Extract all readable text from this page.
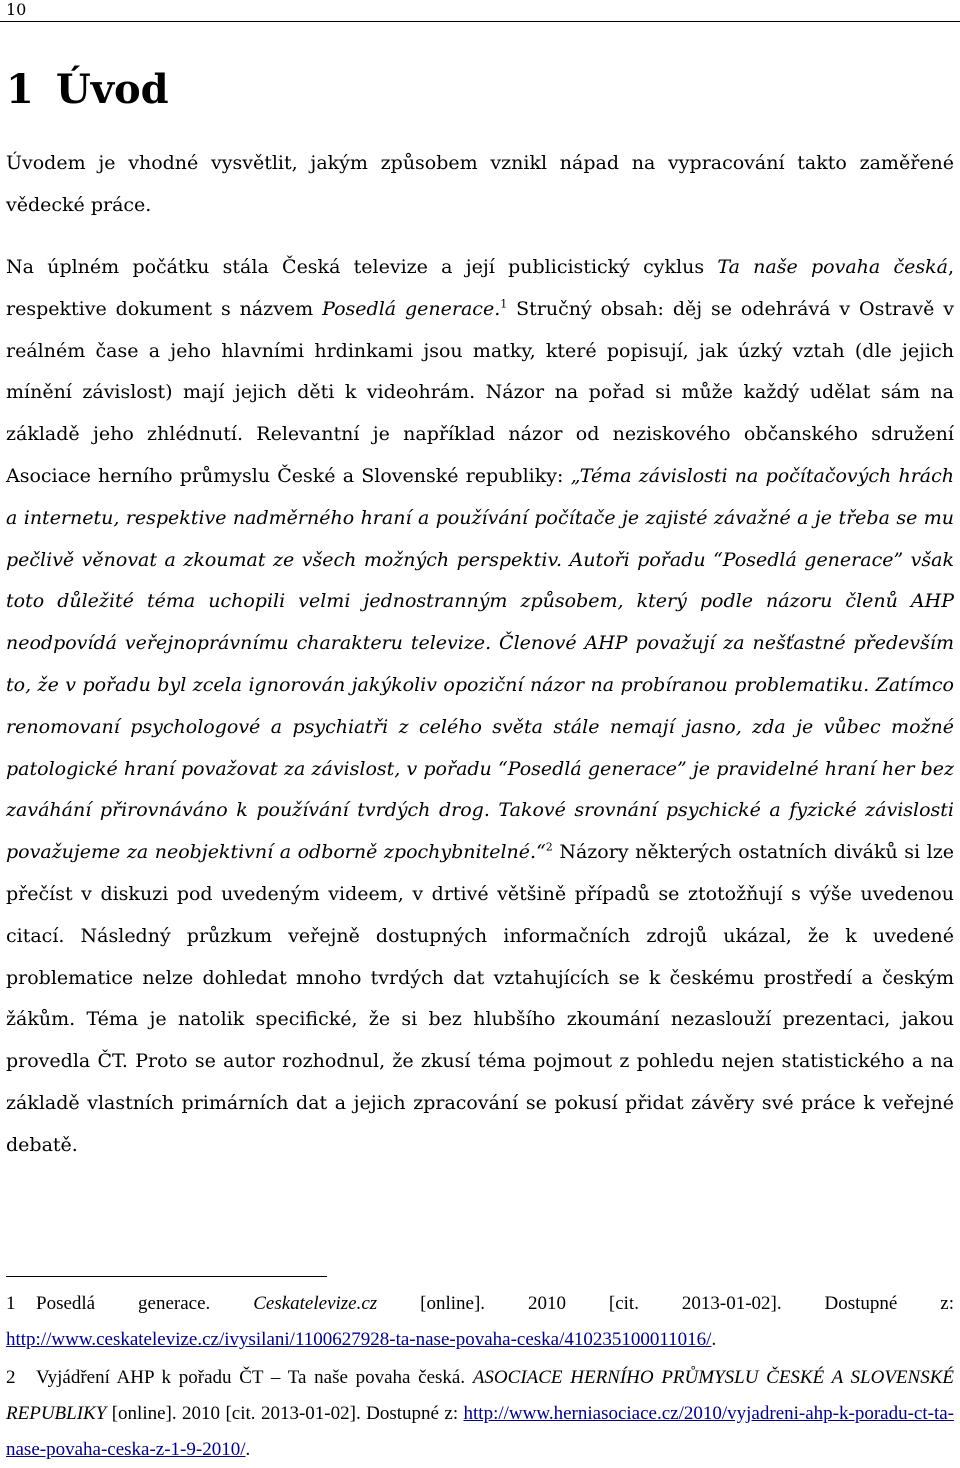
10
1 Úvod

Úvodem je vhodné vysvětlit, jakým způsobem vznikl nápad na vypracování takto zaměřené vědecké práce.

Na úplném počátku stála Česká televize a její publicistický cyklus Ta naše povaha česká, respektive dokument s názvem Posedlá generace.$^1$ Stručný obsah: děj se odehrává v Ostravě v reálném čase a jeho hlavními hrdinkami jsou matky, které popisují, jak úzký vztah (dle jejich mínění závislost) mají jejich děti k videohrám. Názor na pořad si může každý udělat sám na základě jeho zhlédnutí. Relevantní je například názor od neziskového občanského sdružení Asociace herního průmyslu České a Slovenské republiky: „Téma závislosti na počítačových hrách a internetu, respektive nadměrného hraní a používání počítače je zajisté závažné a je třeba se mu pečlivě věnovat a zkoumat ze všech možných perspektiv. Autoři pořadu “Posedlá generace” však toto důležité téma uchopili velmi jednostranným způsobem, který podle názoru členů AHP neodpovídá veřejnoprávnímu charakteru televize. Členové AHP považují za nešťastné především to, že v pořadu byl zcela ignorován jakýkoliv opoziční názor na probíranou problematiku. Zatímco renomovaní psychologové a psychiatři z celého světa stále nemají jasno, zda je vůbec možné patologické hraní považovat za závislost, v pořadu “Posedlá generace” je pravidelné hraní her bez zaváhání přirovnáváno k používání tvrdých drog. Takové srovnání psychické a fyzické závislosti považujeme za neobjektivní a odborně zpochybnitelné.“$^2$ Názory některých ostatních diváků si lze přečíst v diskuzi pod uvedeným videem, v drtivé většině případů se ztotožňují s výše uvedenou citací. Následný průzkum veřejně dostupných informačních zdrojů ukázal, že k uvedené problematice nelze dohledat mnoho tvrdých dat vztahujících se k českému prostředí a českým žákům. Téma je natolik specifické, že si bez hlubšího zkoumání nezaslouží prezentaci, jakou provedla ČT. Proto se autor rozhodnul, že zkusí téma pojmout z pohledu nejen statistického a na základě vlastních primárních dat a jejich zpracování se pokusí přidat závěry své práce k veřejné debatě.

1 Posedlá generace. Ceskatelevize.cz [online]. 2010 [cit. 2013-01-02]. Dostupné z: http://www.ceskatelevize.cz/ivysilani/1100627928-ta-nase-povaha-ceska/410235100011016/.

2 Vyjádření AHP k pořadu ČT – Ta naše povaha česká. ASOCIACE HERNÍHO PRŮMYSLU ČESKÉ A SLOVENSKÉ REPUBLIKY [online]. 2010 [cit. 2013-01-02]. Dostupné z: http://www.herniasociace.cz/2010/vyjadreni-ahp-k-poradu-ct-ta-nase-povaha-ceska-z-1-9-2010/.
